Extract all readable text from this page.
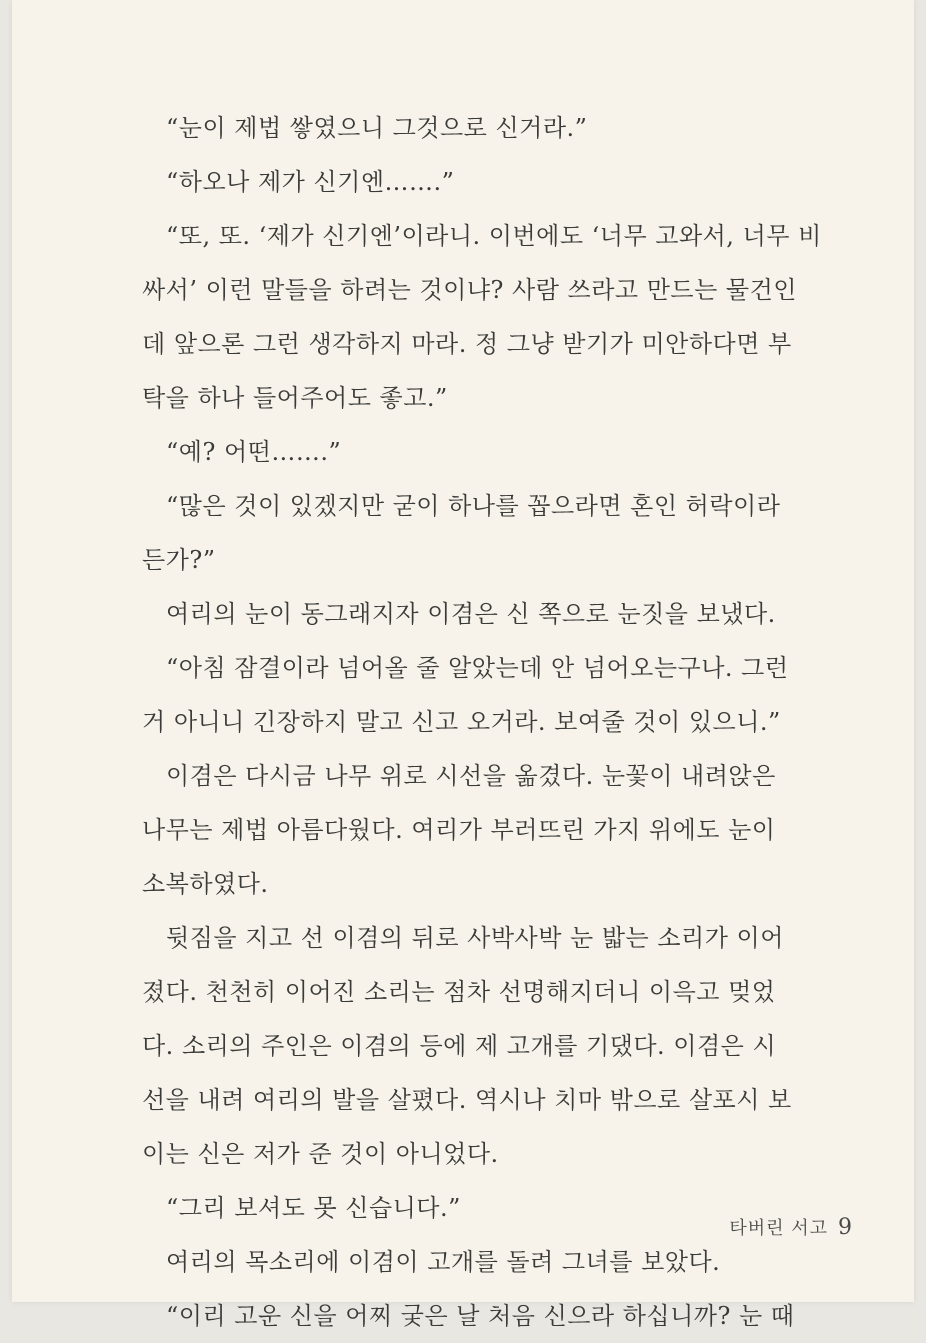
“눈이 제법 쌓였으니 그것으로 신거라.”
“하오나 제가 신기엔…….”
“또, 또. ‘제가 신기엔’이라니. 이번에도 ‘너무 고와서, 너무 비
싸서’ 이런 말들을 하려는 것이냐? 사람 쓰라고 만드는 물건인
데 앞으론 그런 생각하지 마라. 정 그냥 받기가 미안하다면 부
탁을 하나 들어주어도 좋고.”
“예? 어떤…….”
“많은 것이 있겠지만 굳이 하나를 꼽으라면 혼인 허락이라
든가?”
여리의 눈이 동그래지자 이겸은 신 쪽으로 눈짓을 보냈다.
“아침 잠결이라 넘어올 줄 알았는데 안 넘어오는구나. 그런
거 아니니 긴장하지 말고 신고 오거라. 보여줄 것이 있으니.”
이겸은 다시금 나무 위로 시선을 옮겼다. 눈꽃이 내려앉은
나무는 제법 아름다웠다. 여리가 부러뜨린 가지 위에도 눈이
소복하였다.
뒷짐을 지고 선 이겸의 뒤로 사박사박 눈 밟는 소리가 이어
졌다. 천천히 이어진 소리는 점차 선명해지더니 이윽고 멎었
다. 소리의 주인은 이겸의 등에 제 고개를 기댔다. 이겸은 시
선을 내려 여리의 발을 살폈다. 역시나 치마 밖으로 살포시 보
이는 신은 저가 준 것이 아니었다.
“그리 보셔도 못 신습니다.”
여리의 목소리에 이겸이 고개를 돌려 그녀를 보았다.
“이리 고운 신을 어찌 궂은 날 처음 신으라 하십니까? 눈 때
타버린 서고 9
